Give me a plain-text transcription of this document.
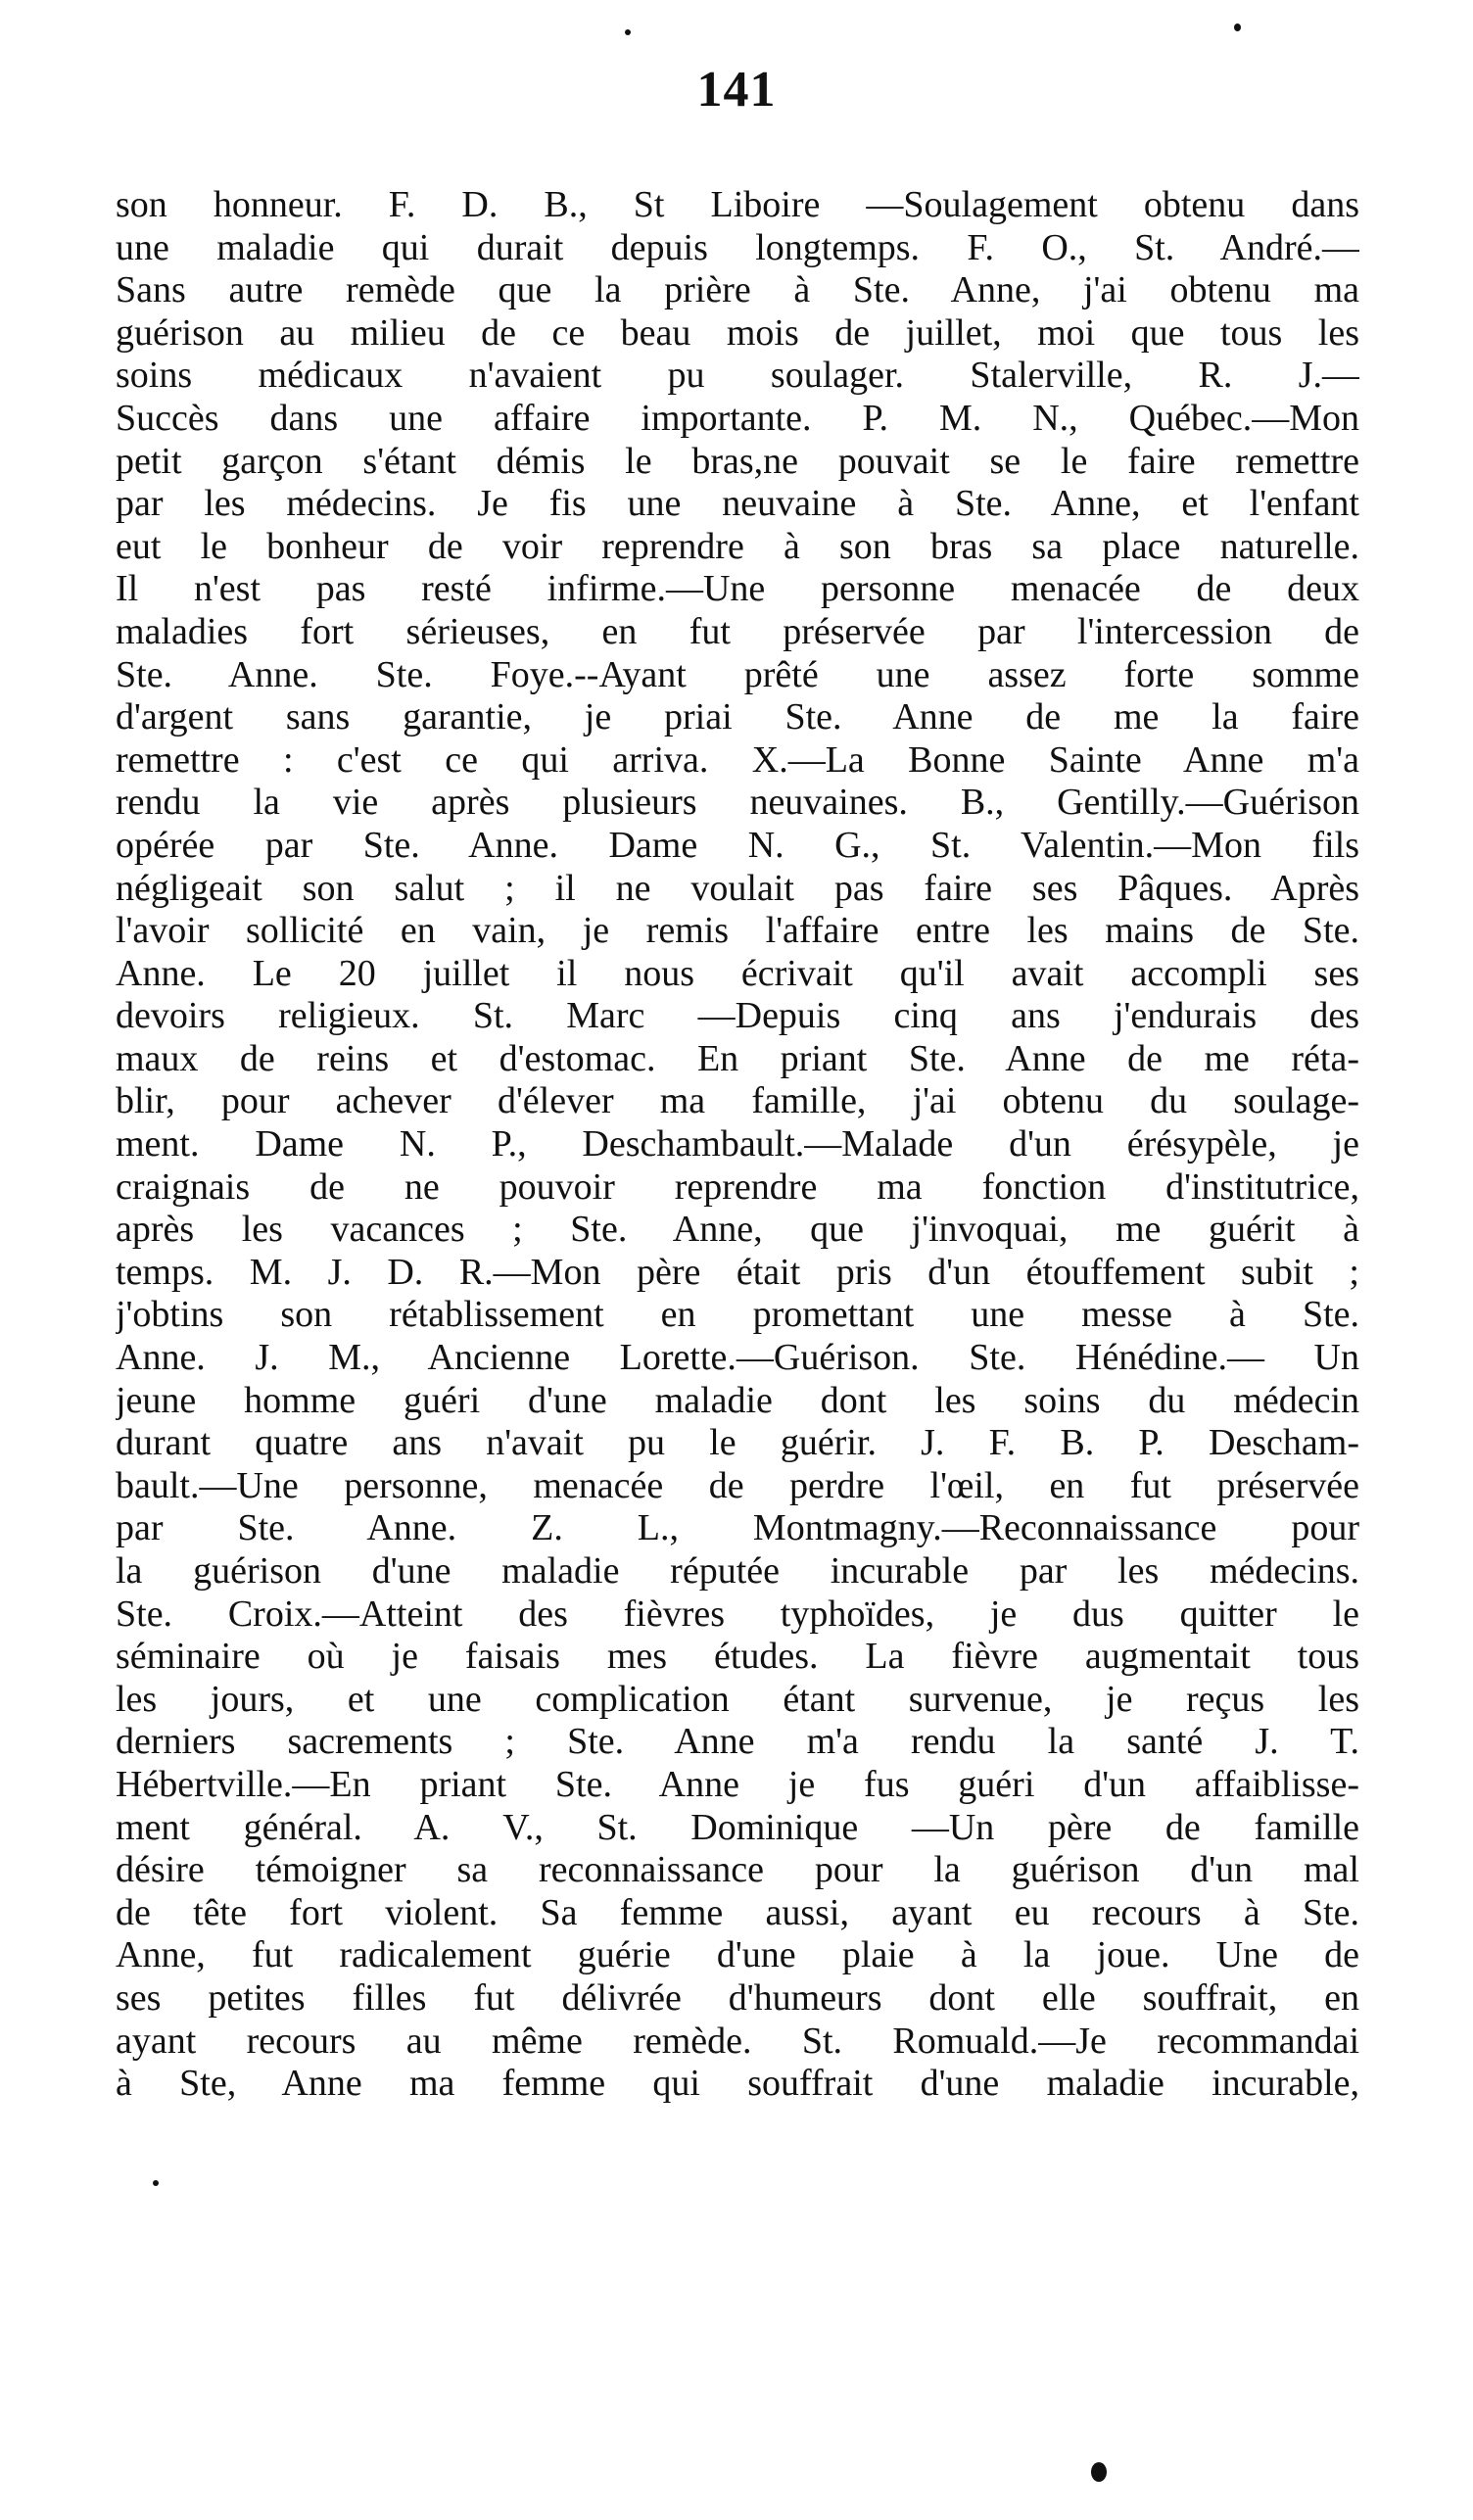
141
son honneur. F. D. B., St Liboire —Soulagement obtenu dans
une maladie qui durait depuis longtemps. F. O., St. André.—
Sans autre remède que la prière à Ste. Anne, j'ai obtenu ma
guérison au milieu de ce beau mois de juillet, moi que tous les
soins médicaux n'avaient pu soulager. Stalerville, R. J.—
Succès dans une affaire importante. P. M. N., Québec.—Mon
petit garçon s'étant démis le bras,ne pouvait se le faire remettre
par les médecins. Je fis une neuvaine à Ste. Anne, et l'enfant
eut le bonheur de voir reprendre à son bras sa place naturelle.
Il n'est pas resté infirme.—Une personne menacée de deux
maladies fort sérieuses, en fut préservée par l'intercession de
Ste. Anne. Ste. Foye.--Ayant prêté une assez forte somme
d'argent sans garantie, je priai Ste. Anne de me la faire
remettre : c'est ce qui arriva. X.—La Bonne Sainte Anne m'a
rendu la vie après plusieurs neuvaines. B., Gentilly.—Guérison
opérée par Ste. Anne. Dame N. G., St. Valentin.—Mon fils
négligeait son salut ; il ne voulait pas faire ses Pâques. Après
l'avoir sollicité en vain, je remis l'affaire entre les mains de Ste.
Anne. Le 20 juillet il nous écrivait qu'il avait accompli ses
devoirs religieux. St. Marc —Depuis cinq ans j'endurais des
maux de reins et d'estomac. En priant Ste. Anne de me réta-
blir, pour achever d'élever ma famille, j'ai obtenu du soulage-
ment. Dame N. P., Deschambault.—Malade d'un érésypèle, je
craignais de ne pouvoir reprendre ma fonction d'institutrice,
après les vacances ; Ste. Anne, que j'invoquai, me guérit à
temps. M. J. D. R.—Mon père était pris d'un étouffement subit ;
j'obtins son rétablissement en promettant une messe à Ste.
Anne. J. M., Ancienne Lorette.—Guérison. Ste. Hénédine.— Un
jeune homme guéri d'une maladie dont les soins du médecin
durant quatre ans n'avait pu le guérir. J. F. B. P. Descham-
bault.—Une personne, menacée de perdre l'œil, en fut préservée
par Ste. Anne. Z. L., Montmagny.—Reconnaissance pour
la guérison d'une maladie réputée incurable par les médecins.
Ste. Croix.—Atteint des fièvres typhoïdes, je dus quitter le
séminaire où je faisais mes études. La fièvre augmentait tous
les jours, et une complication étant survenue, je reçus les
derniers sacrements ; Ste. Anne m'a rendu la santé J. T.
Hébertville.—En priant Ste. Anne je fus guéri d'un affaiblisse-
ment général. A. V., St. Dominique —Un père de famille
désire témoigner sa reconnaissance pour la guérison d'un mal
de tête fort violent. Sa femme aussi, ayant eu recours à Ste.
Anne, fut radicalement guérie d'une plaie à la joue. Une de
ses petites filles fut délivrée d'humeurs dont elle souffrait, en
ayant recours au même remède. St. Romuald.—Je recommandai
à Ste, Anne ma femme qui souffrait d'une maladie incurable,
